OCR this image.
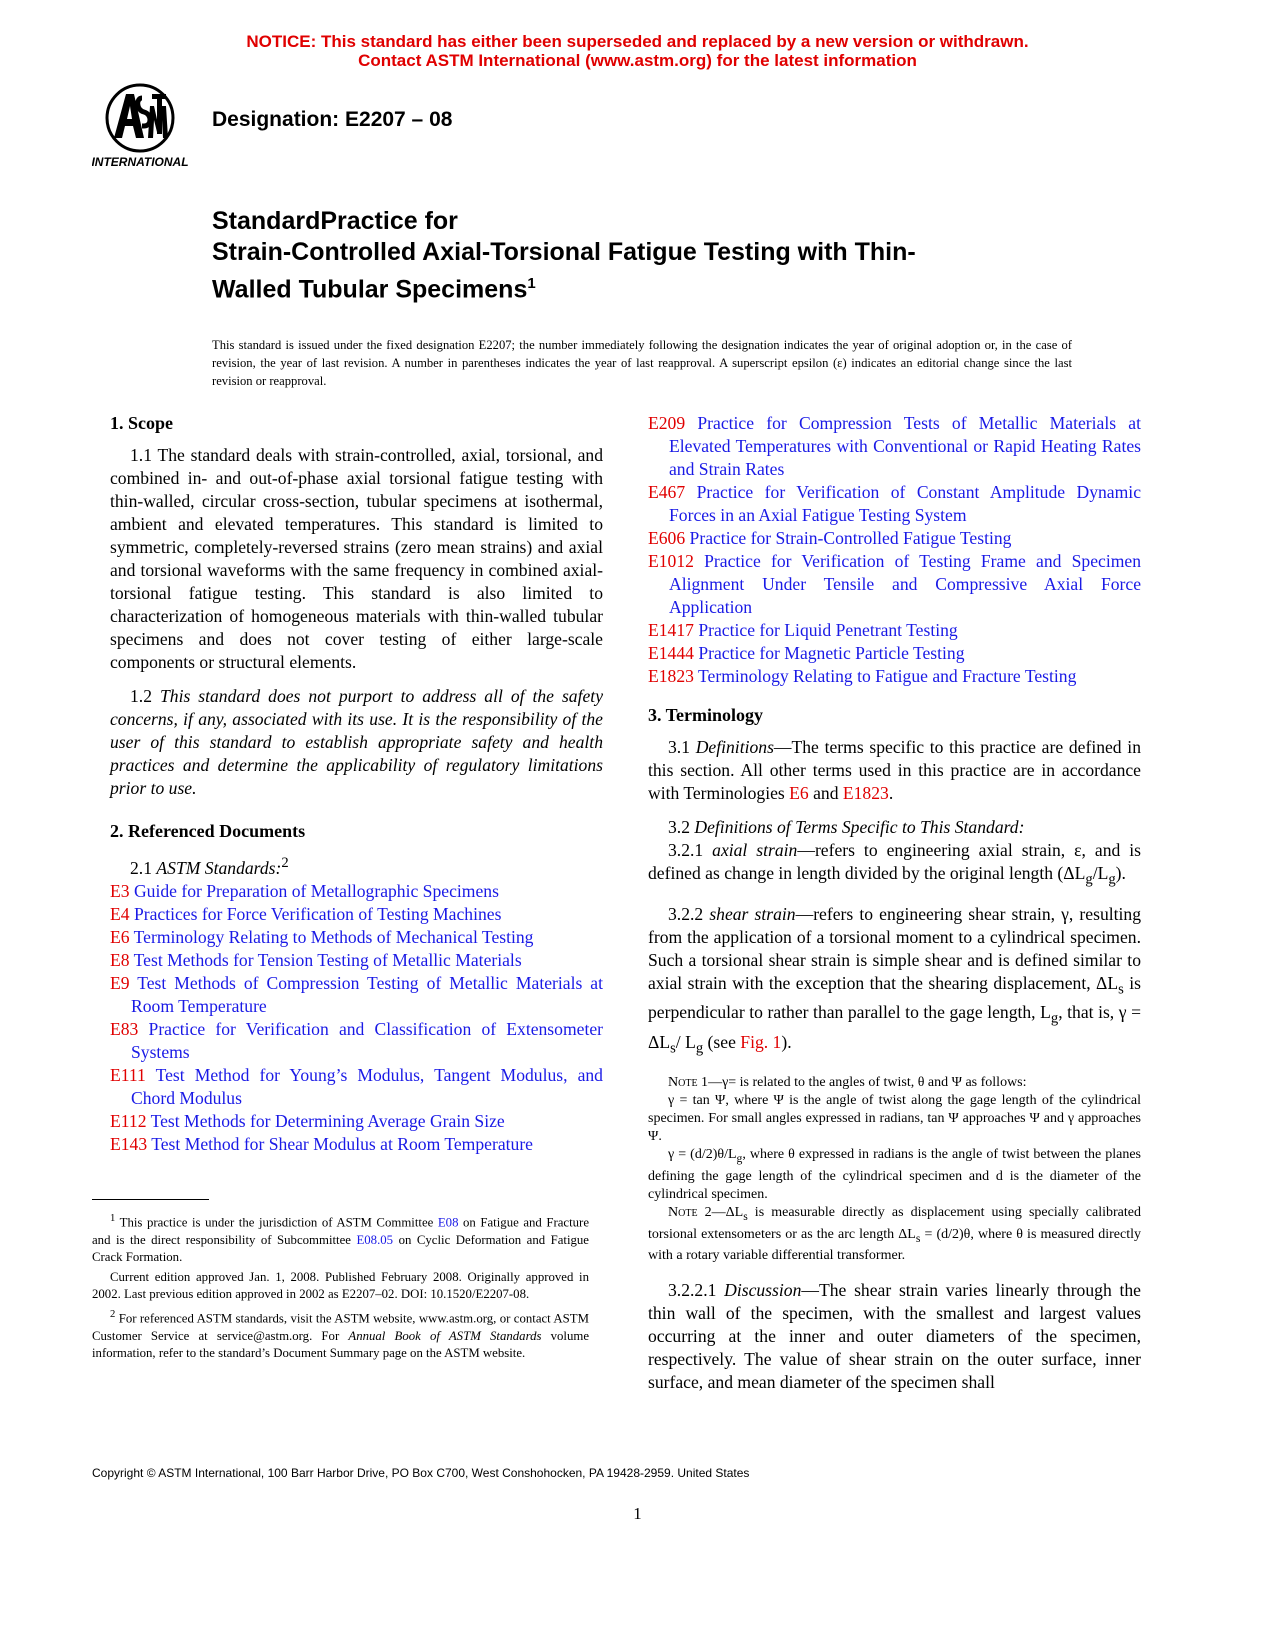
NOTICE: This standard has either been superseded and replaced by a new version or withdrawn.
Contact ASTM International (www.astm.org) for the latest information
INTERNATIONAL
Designation: E2207 – 08
StandardPractice for
Strain-Controlled Axial-Torsional Fatigue Testing with Thin-
Walled Tubular Specimens$^1$
This standard is issued under the fixed designation E2207; the number immediately following the designation indicates the year of original adoption or, in the case of revision, the year of last revision. A number in parentheses indicates the year of last reapproval. A superscript epsilon (ε) indicates an editorial change since the last revision or reapproval.
1. Scope

1.1 The standard deals with strain-controlled, axial, torsional, and combined in- and out-of-phase axial torsional fatigue testing with thin-walled, circular cross-section, tubular specimens at isothermal, ambient and elevated temperatures. This standard is limited to symmetric, completely-reversed strains (zero mean strains) and axial and torsional waveforms with the same frequency in combined axial-torsional fatigue testing. This standard is also limited to characterization of homogeneous materials with thin-walled tubular specimens and does not cover testing of either large-scale components or structural elements.

1.2 This standard does not purport to address all of the safety concerns, if any, associated with its use. It is the responsibility of the user of this standard to establish appropriate safety and health practices and determine the applicability of regulatory limitations prior to use.

2. Referenced Documents

2.1 ASTM Standards:$^2$

E3 Guide for Preparation of Metallographic Specimens

E4 Practices for Force Verification of Testing Machines

E6 Terminology Relating to Methods of Mechanical Testing

E8 Test Methods for Tension Testing of Metallic Materials

E9 Test Methods of Compression Testing of Metallic Materials at Room Temperature

E83 Practice for Verification and Classification of Extensometer Systems

E111 Test Method for Young’s Modulus, Tangent Modulus, and Chord Modulus

E112 Test Methods for Determining Average Grain Size

E143 Test Method for Shear Modulus at Room Temperature

E209 Practice for Compression Tests of Metallic Materials at Elevated Temperatures with Conventional or Rapid Heating Rates and Strain Rates

E467 Practice for Verification of Constant Amplitude Dynamic Forces in an Axial Fatigue Testing System

E606 Practice for Strain-Controlled Fatigue Testing

E1012 Practice for Verification of Testing Frame and Specimen Alignment Under Tensile and Compressive Axial Force Application

E1417 Practice for Liquid Penetrant Testing

E1444 Practice for Magnetic Particle Testing

E1823 Terminology Relating to Fatigue and Fracture Testing

3. Terminology

3.1 Definitions—The terms specific to this practice are defined in this section. All other terms used in this practice are in accordance with Terminologies E6 and E1823.

3.2 Definitions of Terms Specific to This Standard:

3.2.1 axial strain—refers to engineering axial strain, ε, and is defined as change in length divided by the original length $(\Delta L_g/L_g)$.

3.2.2 shear strain—refers to engineering shear strain, γ, resulting from the application of a torsional moment to a cylindrical specimen. Such a torsional shear strain is simple shear and is defined similar to axial strain with the exception that the shearing displacement, $\Delta L_s$ is perpendicular to rather than parallel to the gage length, $L_g$, that is, $\gamma = \Delta L_s/$ $L_g$ (see Fig. 1).

Note 1—γ= is related to the angles of twist, θ and Ψ as follows:

γ = tan Ψ, where Ψ is the angle of twist along the gage length of the cylindrical specimen. For small angles expressed in radians, tan Ψ approaches Ψ and γ approaches Ψ.

$\gamma = (d/2)\theta/L_g$, where θ expressed in radians is the angle of twist between the planes defining the gage length of the cylindrical specimen and d is the diameter of the cylindrical specimen.

Note $2—\Delta L_s$ is measurable directly as displacement using specially calibrated torsional extensometers or as the arc length $\Delta L_s = (d/2)\theta$, where θ is measured directly with a rotary variable differential transformer.

3.2.2.1 Discussion—The shear strain varies linearly through the thin wall of the specimen, with the smallest and largest values occurring at the inner and outer diameters of the specimen, respectively. The value of shear strain on the outer surface, inner surface, and mean diameter of the specimen shall

$^1$ This practice is under the jurisdiction of ASTM Committee E08 on Fatigue and Fracture and is the direct responsibility of Subcommittee E08.05 on Cyclic Deformation and Fatigue Crack Formation.

Current edition approved Jan. 1, 2008. Published February 2008. Originally approved in 2002. Last previous edition approved in 2002 as E2207–02. DOI: 10.1520/E2207-08.

$^2$ For referenced ASTM standards, visit the ASTM website, www.astm.org, or contact ASTM Customer Service at service@astm.org. For Annual Book of ASTM Standards volume information, refer to the standard’s Document Summary page on the ASTM website.

Copyright © ASTM International, 100 Barr Harbor Drive, PO Box C700, West Conshohocken, PA 19428-2959. United States
1
